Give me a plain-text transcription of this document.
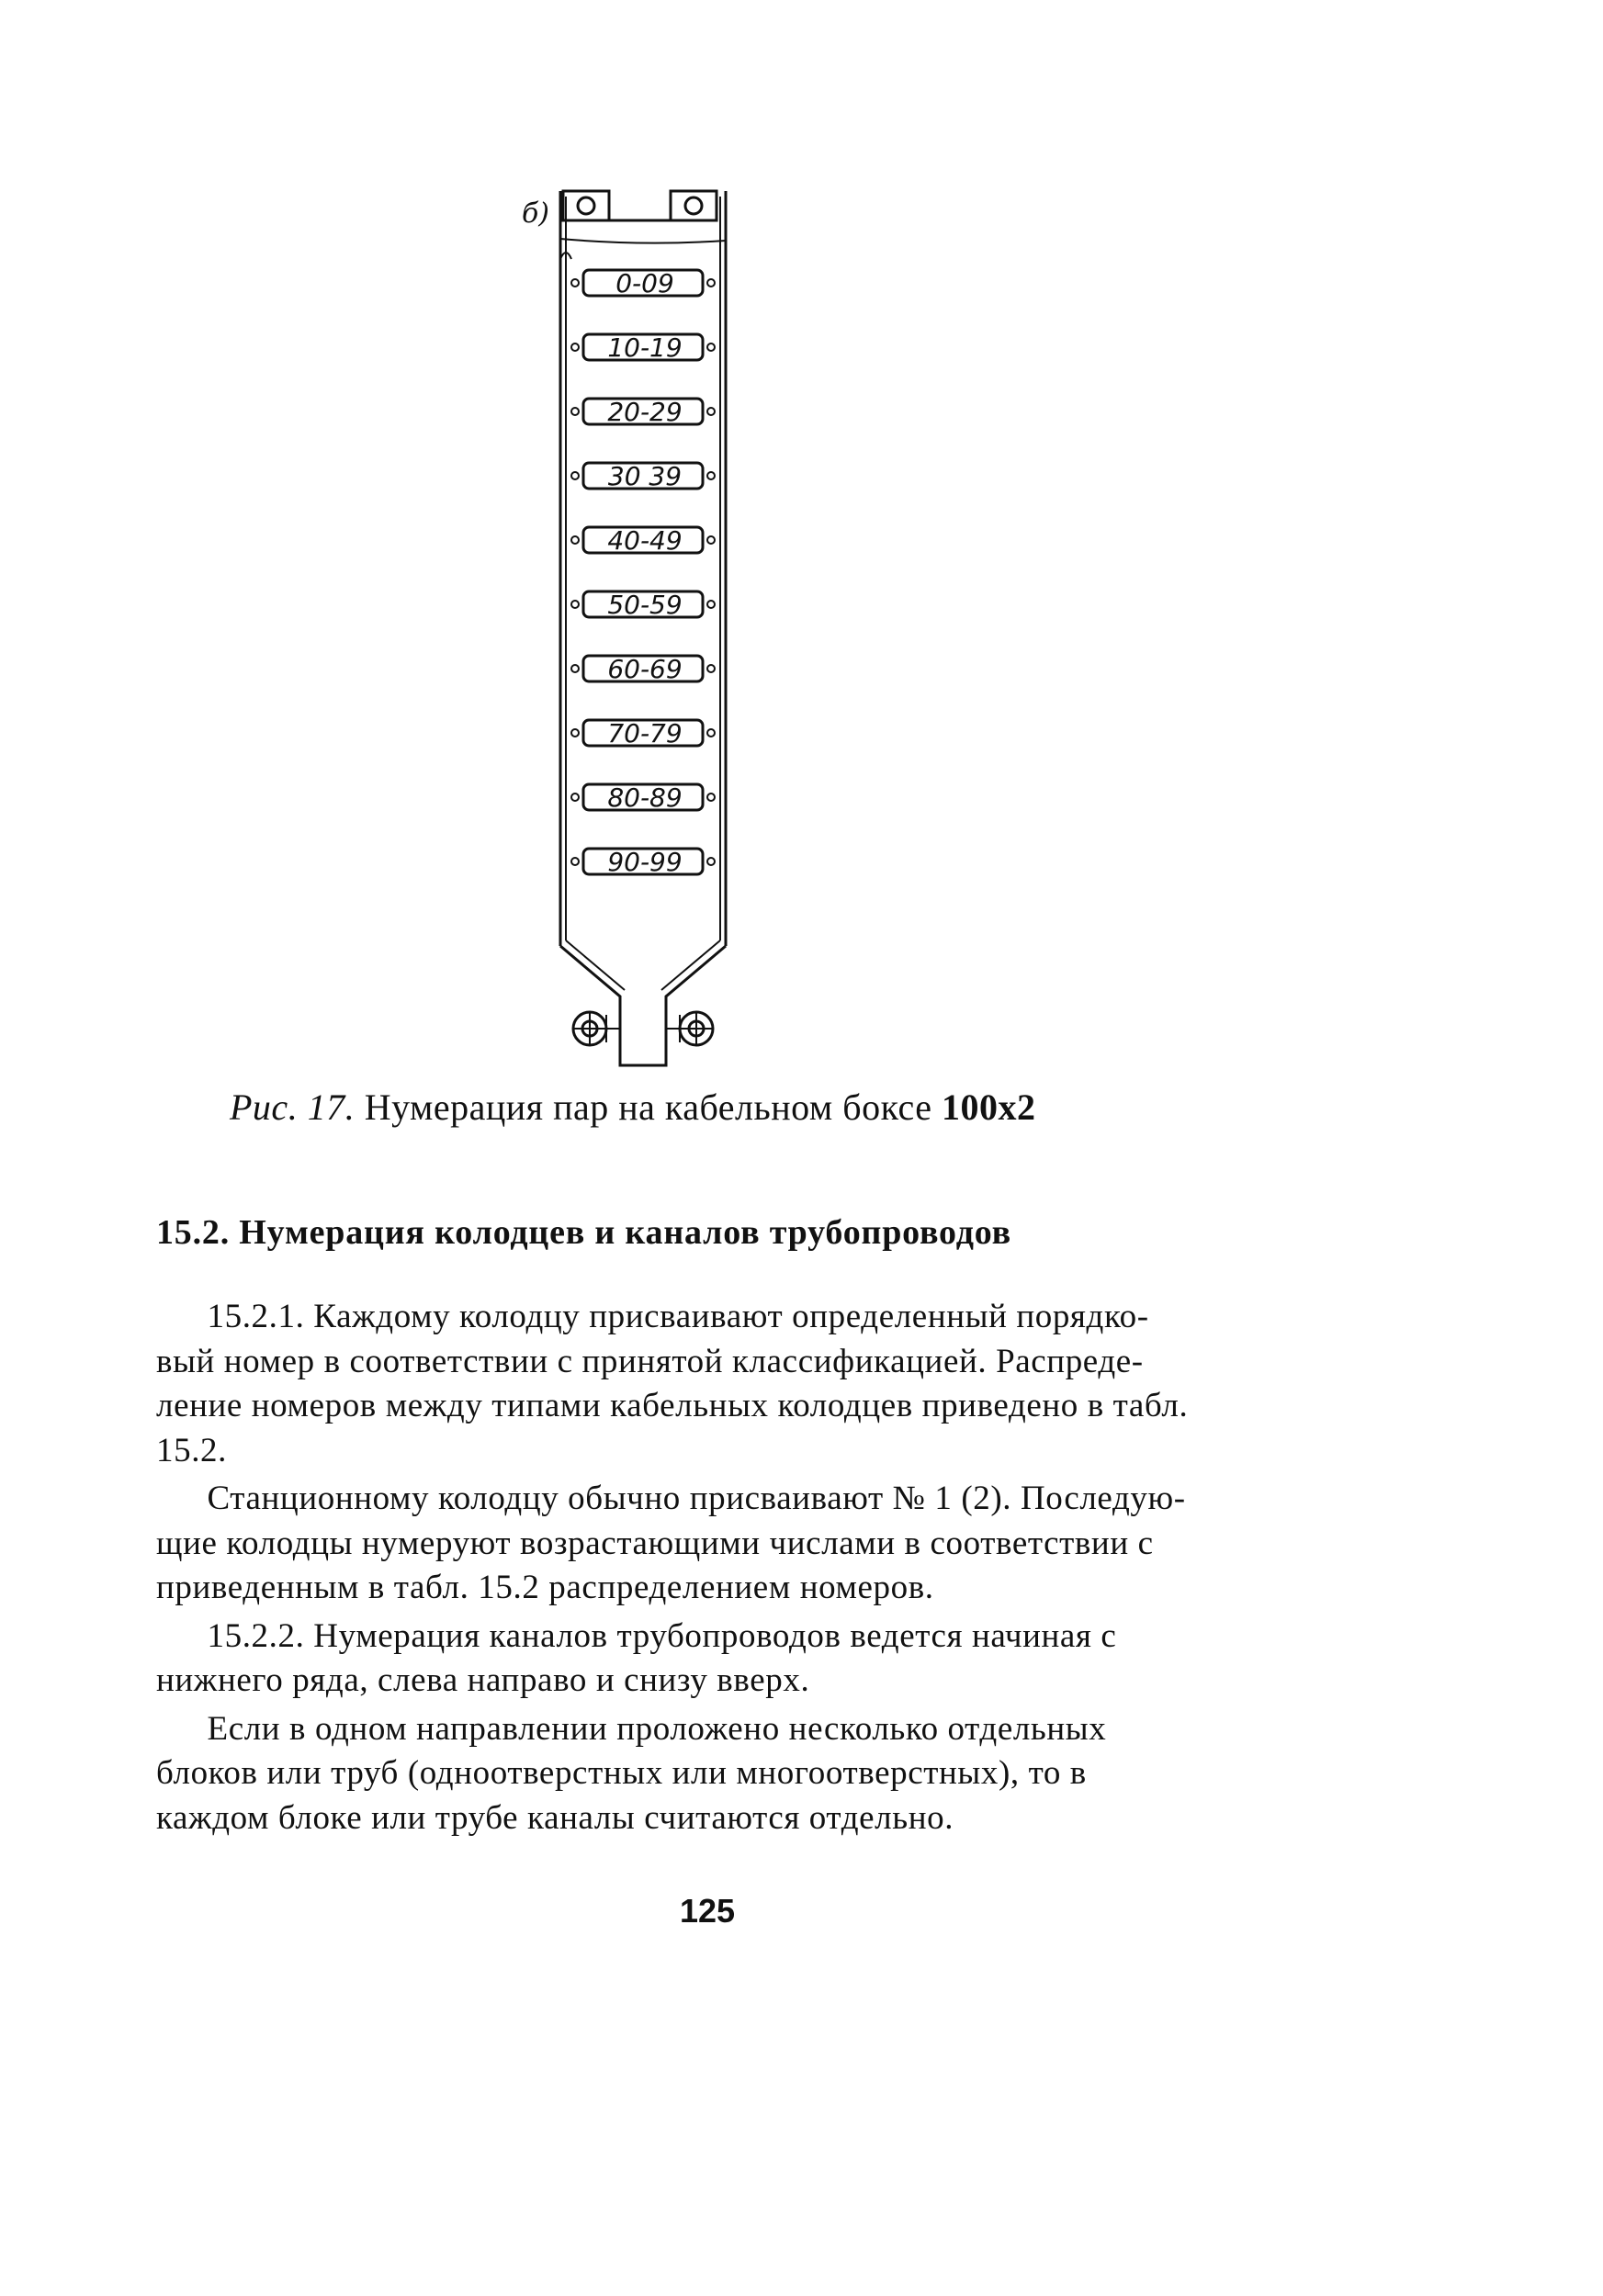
б)
0-09
10-19
20-29
30 39
40-49
50-59
60-69
70-79
80-89
90-99
Рис. 17. Нумерация пар на кабельном боксе 100x2
15.2. Нумерация колодцев и каналов трубопроводов

15.2.1. Каждому колодцу присваивают определенный порядко-
вый номер в соответствии с принятой классификацией. Распреде-
ление номеров между типами кабельных колодцев приведено в табл.
15.2.

Станционному колодцу обычно присваивают № 1 (2). Последую-
щие колодцы нумеруют возрастающими числами в соответствии с
приведенным в табл. 15.2 распределением номеров.

15.2.2. Нумерация каналов трубопроводов ведется начиная с
нижнего ряда, слева направо и снизу вверх.

Если в одном направлении проложено несколько отдельных
блоков или труб (одноотверстных или многоотверстных), то в
каждом блоке или трубе каналы считаются отдельно.

125
